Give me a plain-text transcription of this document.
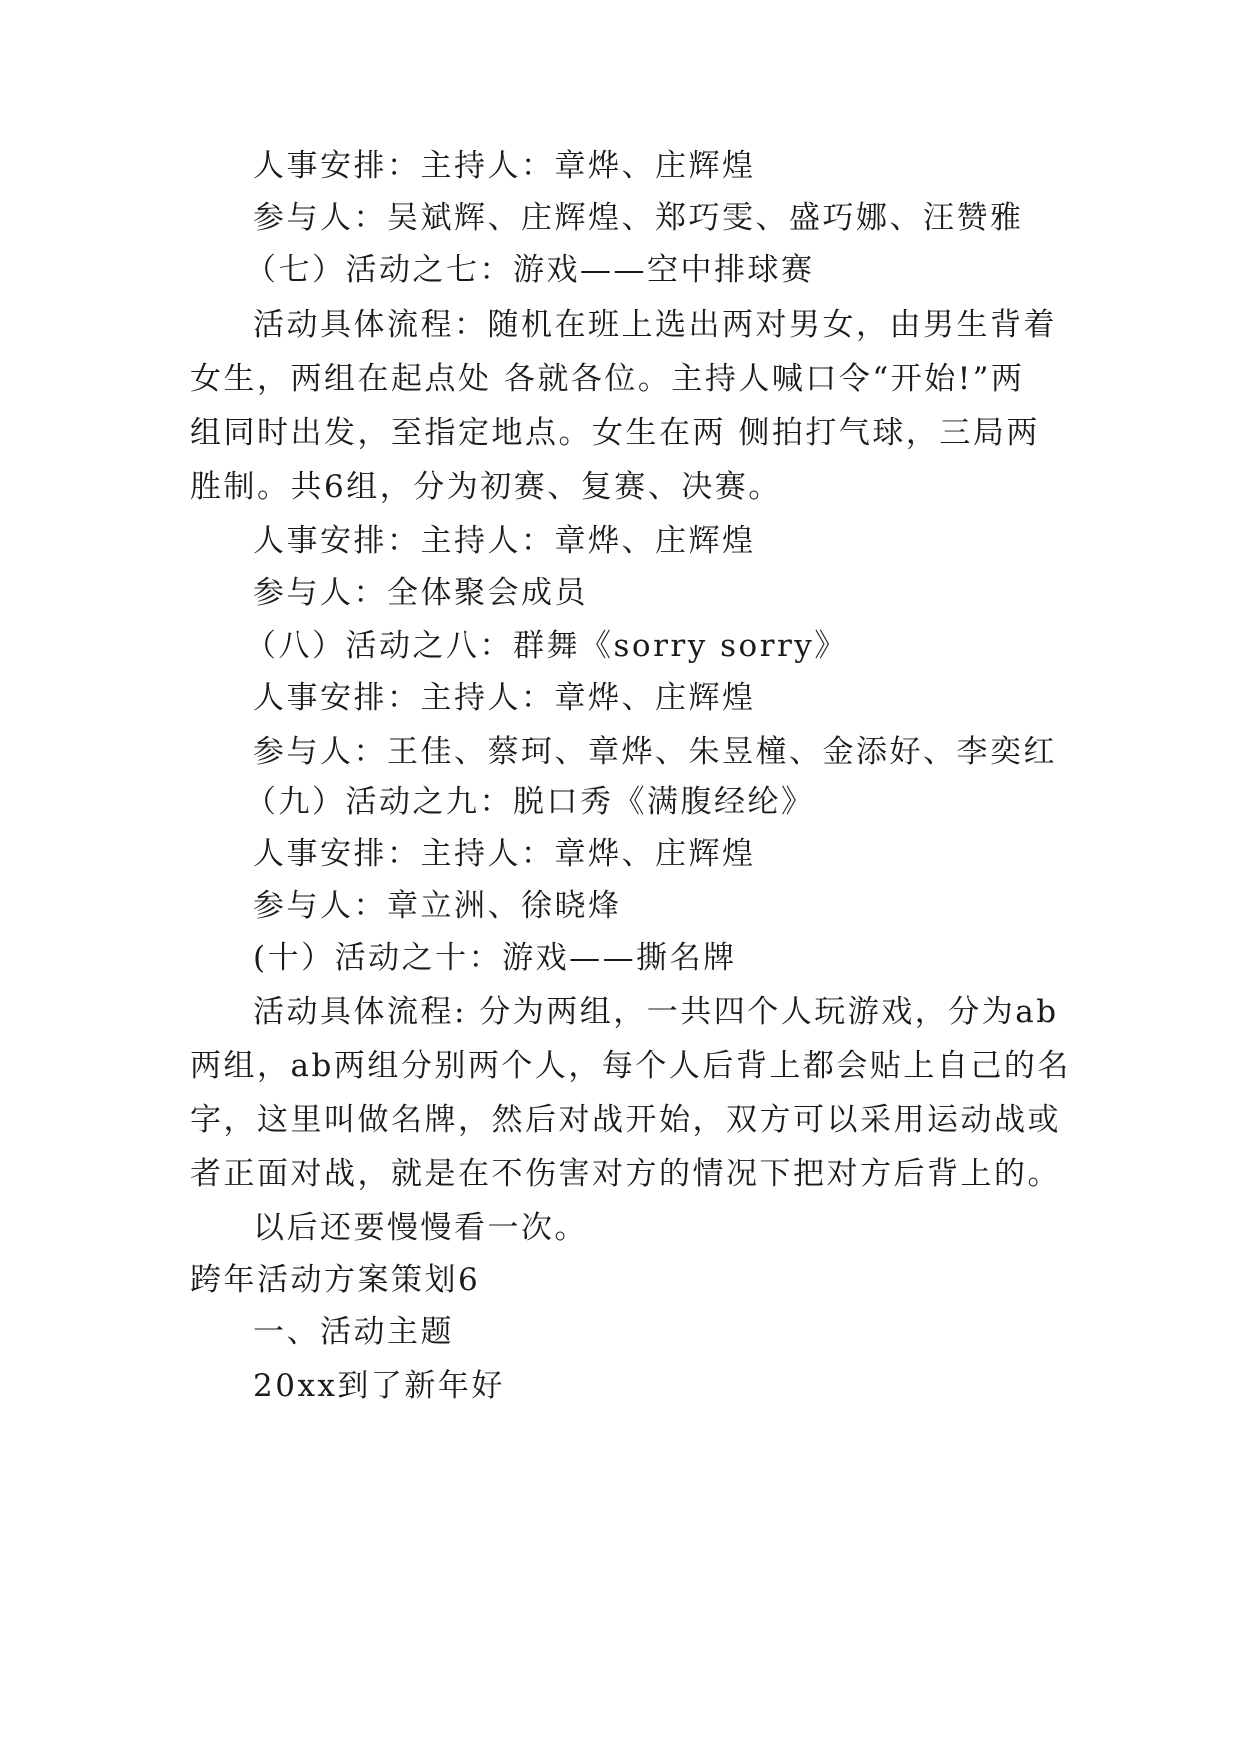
人事安排：主持人：章烨、庄辉煌
参与人：吴斌辉、庄辉煌、郑巧雯、盛巧娜、汪赞雅
（七）活动之七：游戏——空中排球赛
活动具体流程：随机在班上选出两对男女，由男生背着
女生，两组在起点处 各就各位。主持人喊口令“开始!”两
组同时出发，至指定地点。女生在两 侧拍打气球，三局两
胜制。共6组，分为初赛、复赛、决赛。
人事安排：主持人：章烨、庄辉煌
参与人：全体聚会成员
（八）活动之八：群舞《sorry sorry》
人事安排：主持人：章烨、庄辉煌
参与人：王佳、蔡珂、章烨、朱昱橦、金添好、李奕红
（九）活动之九：脱口秀《满腹经纶》
人事安排：主持人：章烨、庄辉煌
参与人：章立洲、徐晓烽
(十）活动之十：游戏——撕名牌
活动具体流程: 分为两组，一共四个人玩游戏，分为ab
两组，ab两组分别两个人，每个人后背上都会贴上自己的名
字，这里叫做名牌，然后对战开始，双方可以采用运动战或
者正面对战，就是在不伤害对方的情况下把对方后背上的。
以后还要慢慢看一次。
跨年活动方案策划6
一、活动主题
20xx到了新年好
